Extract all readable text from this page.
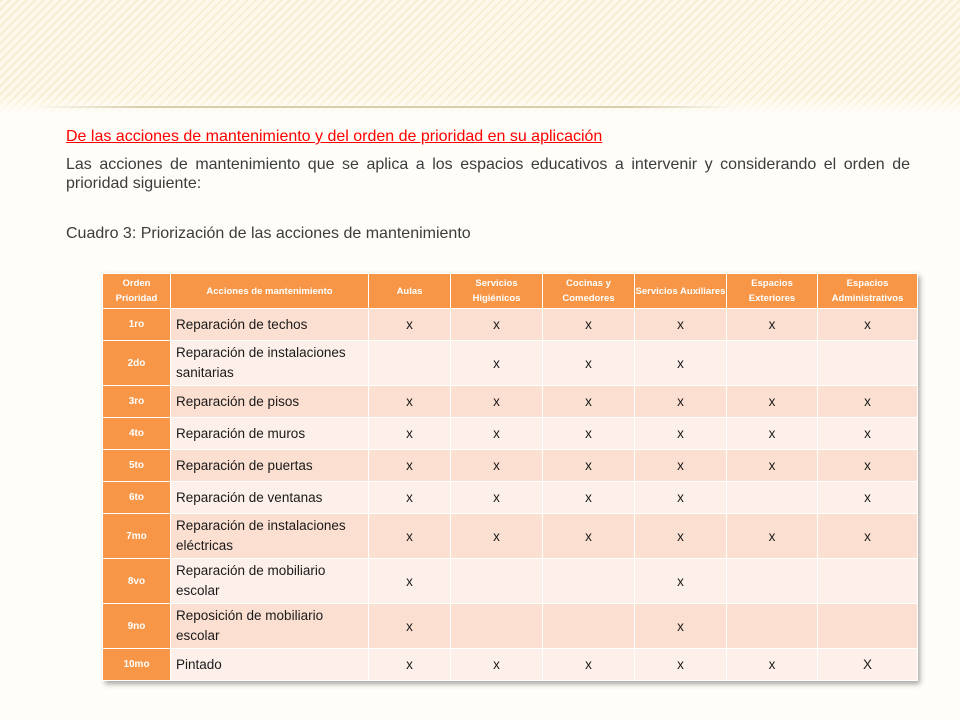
De las acciones de mantenimiento y del orden de prioridad en su aplicación

Las acciones de mantenimiento que se aplica a los espacios educativos a intervenir y considerando el orden de prioridad siguiente:

Cuadro 3: Priorización de las acciones de mantenimiento

Orden Prioridad	Acciones de mantenimiento	Aulas	Servicios Higiénicos	Cocinas y Comedores	Servicios Auxiliares	Espacios Exteriores	Espacios Administrativos
1ro	Reparación de techos	x	x	x	x	x	x
2do	Reparación de instalaciones sanitarias		x	x	x		
3ro	Reparación de pisos	x	x	x	x	x	x
4to	Reparación de muros	x	x	x	x	x	x
5to	Reparación de puertas	x	x	x	x	x	x
6to	Reparación de ventanas	x	x	x	x		x
7mo	Reparación de instalaciones eléctricas	x	x	x	x	x	x
8vo	Reparación de mobiliario escolar	x			x		
9no	Reposición de mobiliario escolar	x			x		
10mo	Pintado	x	x	x	x	x	X
